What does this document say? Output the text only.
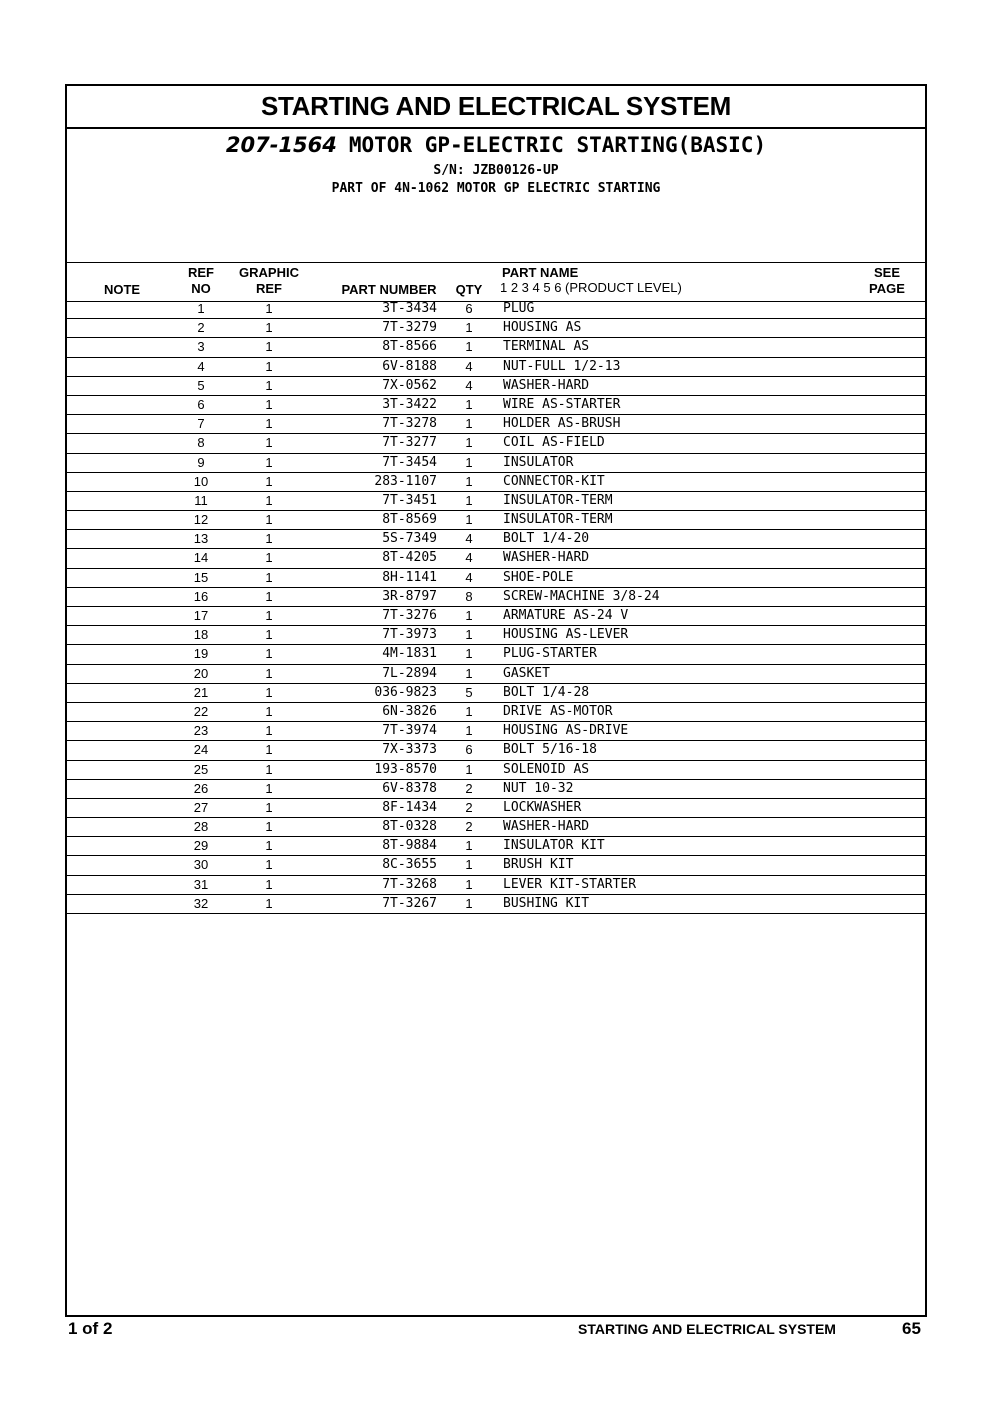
STARTING AND ELECTRICAL SYSTEM
207-1564 MOTOR GP-ELECTRIC STARTING(BASIC)
S/N: JZB00126-UP
PART OF 4N-1062 MOTOR GP ELECTRIC STARTING
NOTE
REF
NO
GRAPHIC
REF	PART NUMBER	QTY
PART NAME
1 2 3 4 5 6 (PRODUCT LEVEL)
SEE
PAGE
1	1	3T-3434	6	PLUG
2	1	7T-3279	1	HOUSING AS
3	1	8T-8566	1	TERMINAL AS
4	1	6V-8188	4	NUT-FULL 1/2-13
5	1	7X-0562	4	WASHER-HARD
6	1	3T-3422	1	WIRE AS-STARTER
7	1	7T-3278	1	HOLDER AS-BRUSH
8	1	7T-3277	1	COIL AS-FIELD
9	1	7T-3454	1	INSULATOR
10	1	283-1107	1	CONNECTOR-KIT
11	1	7T-3451	1	INSULATOR-TERM
12	1	8T-8569	1	INSULATOR-TERM
13	1	5S-7349	4	BOLT 1/4-20
14	1	8T-4205	4	WASHER-HARD
15	1	8H-1141	4	SHOE-POLE
16	1	3R-8797	8	SCREW-MACHINE 3/8-24
17	1	7T-3276	1	ARMATURE AS-24 V
18	1	7T-3973	1	HOUSING AS-LEVER
19	1	4M-1831	1	PLUG-STARTER
20	1	7L-2894	1	GASKET
21	1	036-9823	5	BOLT 1/4-28
22	1	6N-3826	1	DRIVE AS-MOTOR
23	1	7T-3974	1	HOUSING AS-DRIVE
24	1	7X-3373	6	BOLT 5/16-18
25	1	193-8570	1	SOLENOID AS
26	1	6V-8378	2	NUT 10-32
27	1	8F-1434	2	LOCKWASHER
28	1	8T-0328	2	WASHER-HARD
29	1	8T-9884	1	INSULATOR KIT
30	1	8C-3655	1	BRUSH KIT
31	1	7T-3268	1	LEVER KIT-STARTER
32	1	7T-3267	1	BUSHING KIT
1 of 2	STARTING AND ELECTRICAL SYSTEM	65
